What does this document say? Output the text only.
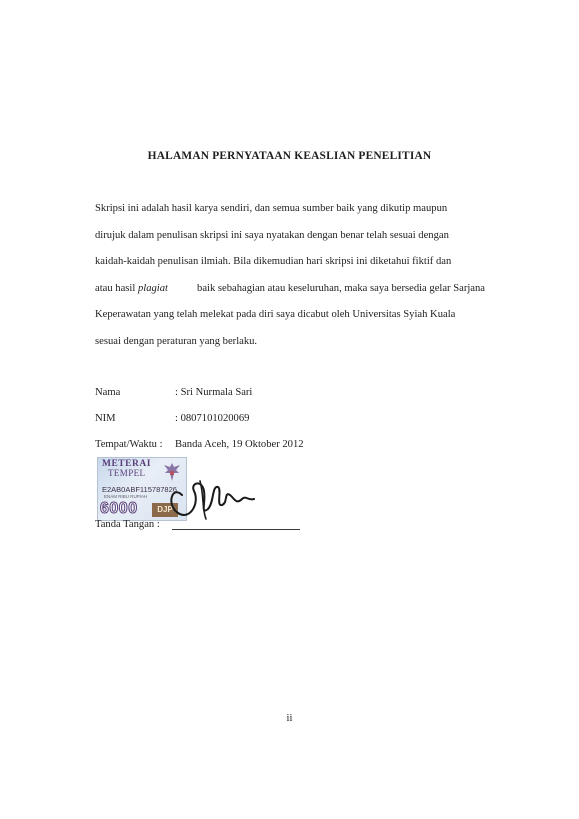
HALAMAN PERNYATAAN KEASLIAN PENELITIAN
Skripsi ini adalah hasil karya sendiri, dan semua sumber baik yang dikutip maupun
dirujuk dalam penulisan skripsi ini saya nyatakan dengan benar telah sesuai dengan
kaidah-kaidah penulisan ilmiah. Bila dikemudian hari skripsi ini diketahui fiktif dan
atau hasil plagiat	baik sebahagian atau keseluruhan, maka saya bersedia gelar Sarjana
Keperawatan yang telah melekat pada diri saya dicabut oleh Universitas Syiah Kuala
sesuai dengan peraturan yang berlaku.
Nama	: Sri Nurmala Sari
NIM	: 0807101020069
Tempat/Waktu : Banda Aceh, 19 Oktober 2012
METERAI
TEMPEL
E2AB0ABF115787826
ENAM RIBU RUPIAH
6000	DJP
Tanda Tangan :
ii
